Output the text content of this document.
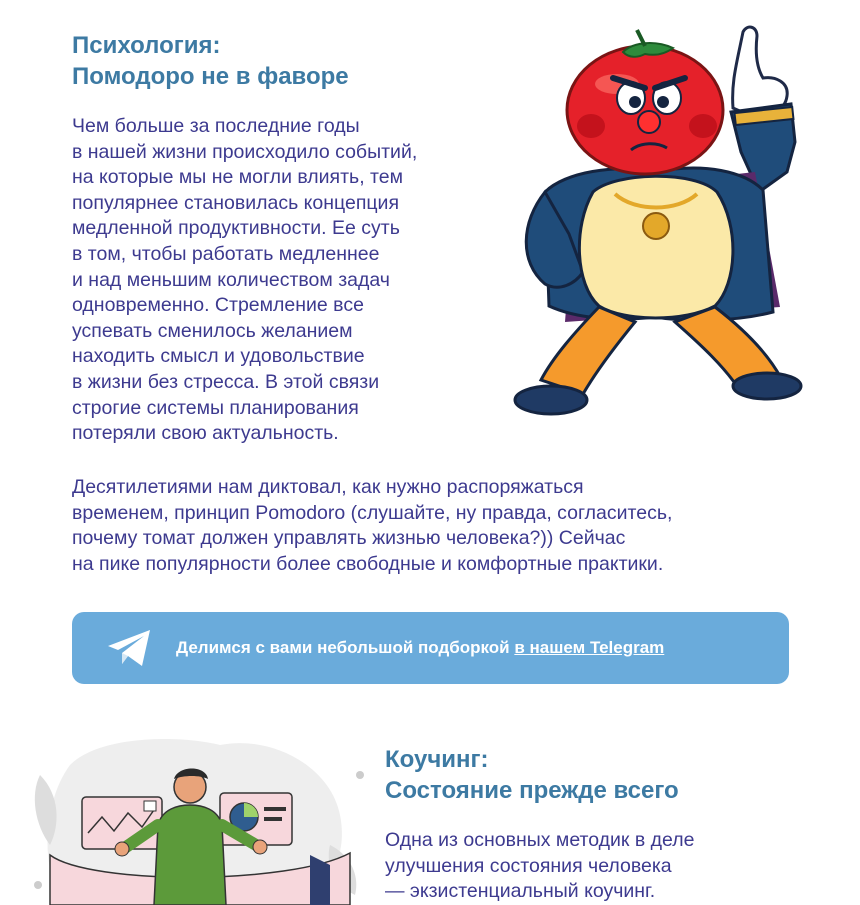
Психология:
Помодоро не в фаворе

Чем больше за последние годы
в нашей жизни происходило событий,
на которые мы не могли влиять, тем
популярнее становилась концепция
медленной продуктивности. Ее суть
в том, чтобы работать медленнее
и над меньшим количеством задач
одновременно. Стремление все
успевать сменилось желанием
находить смысл и удовольствие
в жизни без стресса. В этой связи
строгие системы планирования
потеряли свою актуальность.

Десятилетиями нам диктовал, как нужно распоряжаться
временем, принцип Pomodoro (слушайте, ну правда, согласитесь,
почему томат должен управлять жизнью человека?)) Сейчас
на пике популярности более свободные и комфортные практики.

Делимся с вами небольшой подборкой в нашем Telegram
Коучинг:
Состояние прежде всего

Одна из основных методик в деле
улучшения состояния человека
— экзистенциальный коучинг.
